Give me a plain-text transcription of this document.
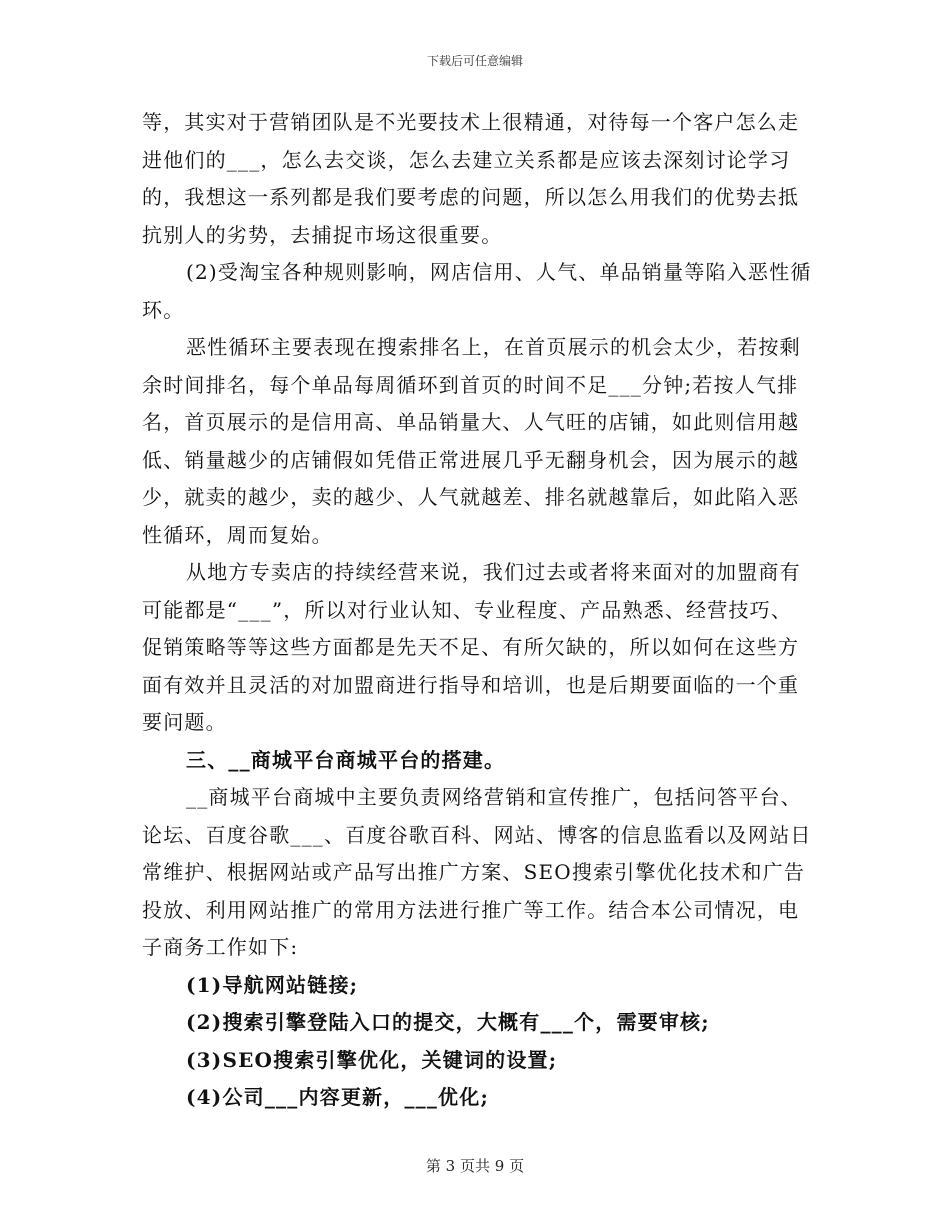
下载后可任意编辑

等，其实对于营销团队是不光要技术上很精通，对待每一个客户怎么走进他们的___，怎么去交谈，怎么去建立关系都是应该去深刻讨论学习的，我想这一系列都是我们要考虑的问题，所以怎么用我们的优势去抵抗别人的劣势，去捕捉市场这很重要。

(2)受淘宝各种规则影响，网店信用、人气、单品销量等陷入恶性循环。

恶性循环主要表现在搜索排名上，在首页展示的机会太少，若按剩余时间排名，每个单品每周循环到首页的时间不足___分钟;若按人气排名，首页展示的是信用高、单品销量大、人气旺的店铺，如此则信用越低、销量越少的店铺假如凭借正常进展几乎无翻身机会，因为展示的越少，就卖的越少，卖的越少、人气就越差、排名就越靠后，如此陷入恶性循环，周而复始。

从地方专卖店的持续经营来说，我们过去或者将来面对的加盟商有可能都是“___”，所以对行业认知、专业程度、产品熟悉、经营技巧、促销策略等等这些方面都是先天不足、有所欠缺的，所以如何在这些方面有效并且灵活的对加盟商进行指导和培训，也是后期要面临的一个重要问题。

三、__商城平台商城平台的搭建。

__商城平台商城中主要负责网络营销和宣传推广，包括问答平台、论坛、百度谷歌___、百度谷歌百科、网站、博客的信息监看以及网站日常维护、根据网站或产品写出推广方案、SEO搜索引擎优化技术和广告投放、利用网站推广的常用方法进行推广等工作。结合本公司情况，电子商务工作如下:

(1)导航网站链接;

(2)搜索引擎登陆入口的提交，大概有___个，需要审核;

(3)SEO搜索引擎优化，关键词的设置;

(4)公司___内容更新，___优化;

第 3 页共 9 页
